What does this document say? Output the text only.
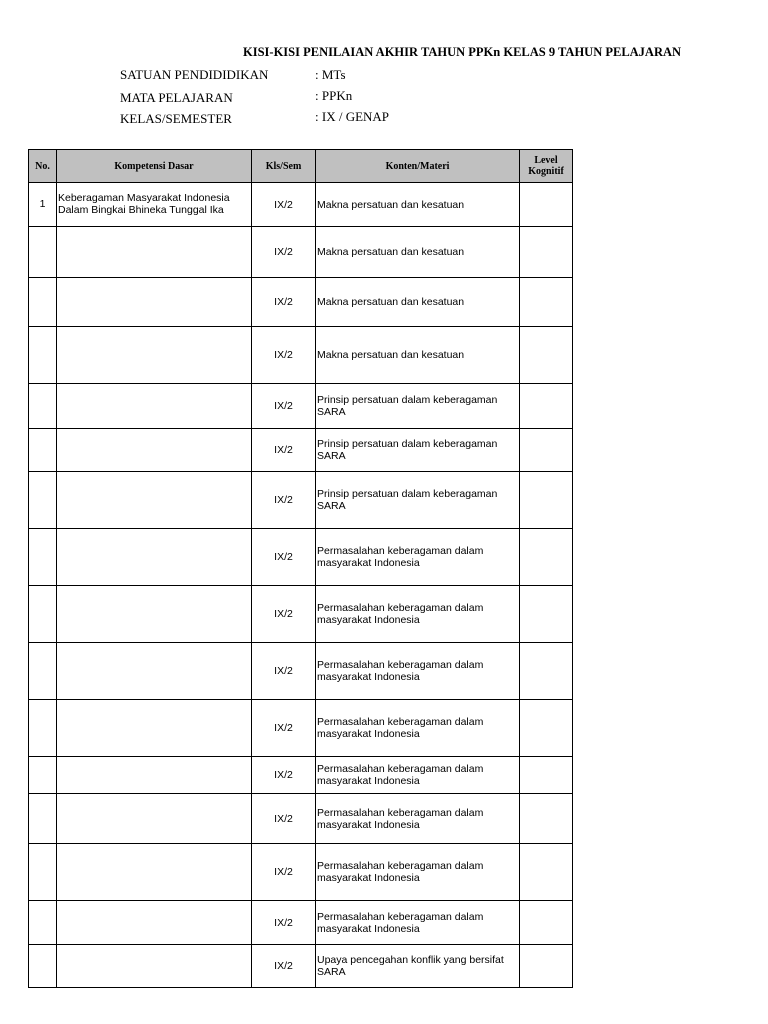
KISI-KISI PENILAIAN AKHIR TAHUN PPKn KELAS 9 TAHUN PELAJARAN
SATUAN PENDIDIDIKAN	: MTs
MATA PELAJARAN	: PPKn
KELAS/SEMESTER	: IX / GENAP
No.	Kompetensi Dasar	Kls/Sem	Konten/Materi	Level Kognitif
1	Keberagaman Masyarakat Indonesia Dalam Bingkai Bhineka Tunggal Ika	IX/2	Makna persatuan dan kesatuan	
		IX/2	Makna persatuan dan kesatuan	
		IX/2	Makna persatuan dan kesatuan	
		IX/2	Makna persatuan dan kesatuan	
		IX/2	Prinsip persatuan dalam keberagaman SARA	
		IX/2	Prinsip persatuan dalam keberagaman SARA	
		IX/2	Prinsip persatuan dalam keberagaman SARA	
		IX/2	Permasalahan keberagaman dalam masyarakat Indonesia	
		IX/2	Permasalahan keberagaman dalam masyarakat Indonesia	
		IX/2	Permasalahan keberagaman dalam masyarakat Indonesia	
		IX/2	Permasalahan keberagaman dalam masyarakat Indonesia	
		IX/2	Permasalahan keberagaman dalam masyarakat Indonesia	
		IX/2	Permasalahan keberagaman dalam masyarakat Indonesia	
		IX/2	Permasalahan keberagaman dalam masyarakat Indonesia	
		IX/2	Permasalahan keberagaman dalam masyarakat Indonesia	
		IX/2	Upaya pencegahan konflik yang bersifat SARA	
